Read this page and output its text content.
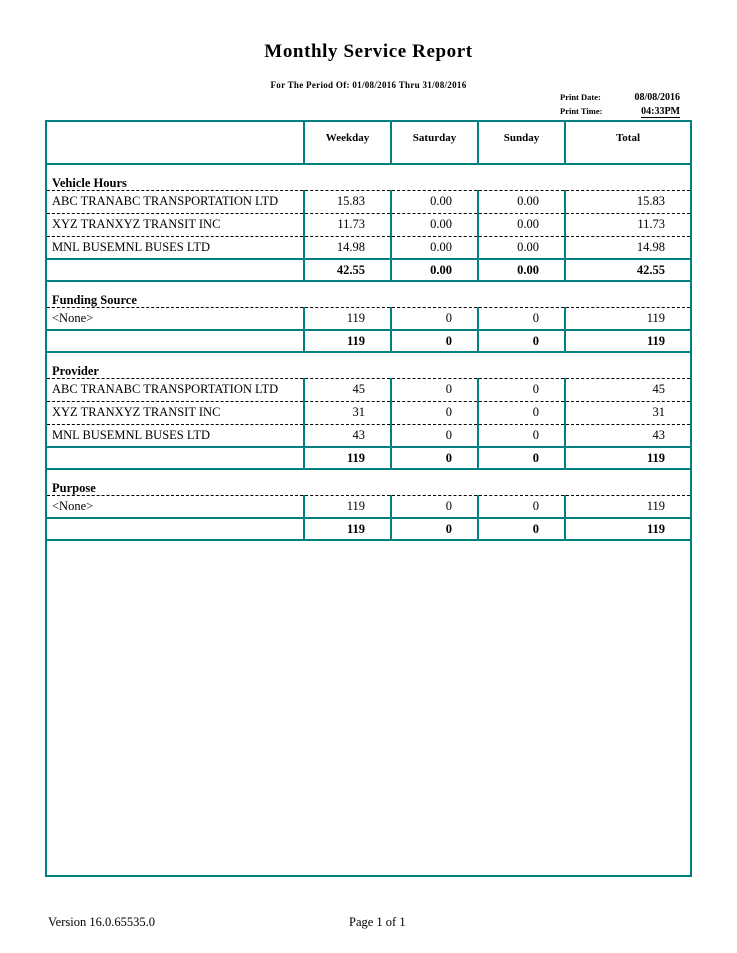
Monthly Service Report
For The Period Of: 01/08/2016 Thru 31/08/2016
Print Date:	08/08/2016
Print Time:	04:33PM
	Weekday	Saturday	Sunday	Total
Vehicle Hours				
ABC TRANABC TRANSPORTATION LTD	15.83	0.00	0.00	15.83
XYZ TRANXYZ TRANSIT INC	11.73	0.00	0.00	11.73
MNL BUSEMNL BUSES LTD	14.98	0.00	0.00	14.98
	42.55	0.00	0.00	42.55
Funding Source				
<None>	119	0	0	119
	119	0	0	119
Provider				
ABC TRANABC TRANSPORTATION LTD	45	0	0	45
XYZ TRANXYZ TRANSIT INC	31	0	0	31
MNL BUSEMNL BUSES LTD	43	0	0	43
	119	0	0	119
Purpose				
<None>	119	0	0	119
	119	0	0	119

Version 16.0.65535.0	Page 1 of 1
